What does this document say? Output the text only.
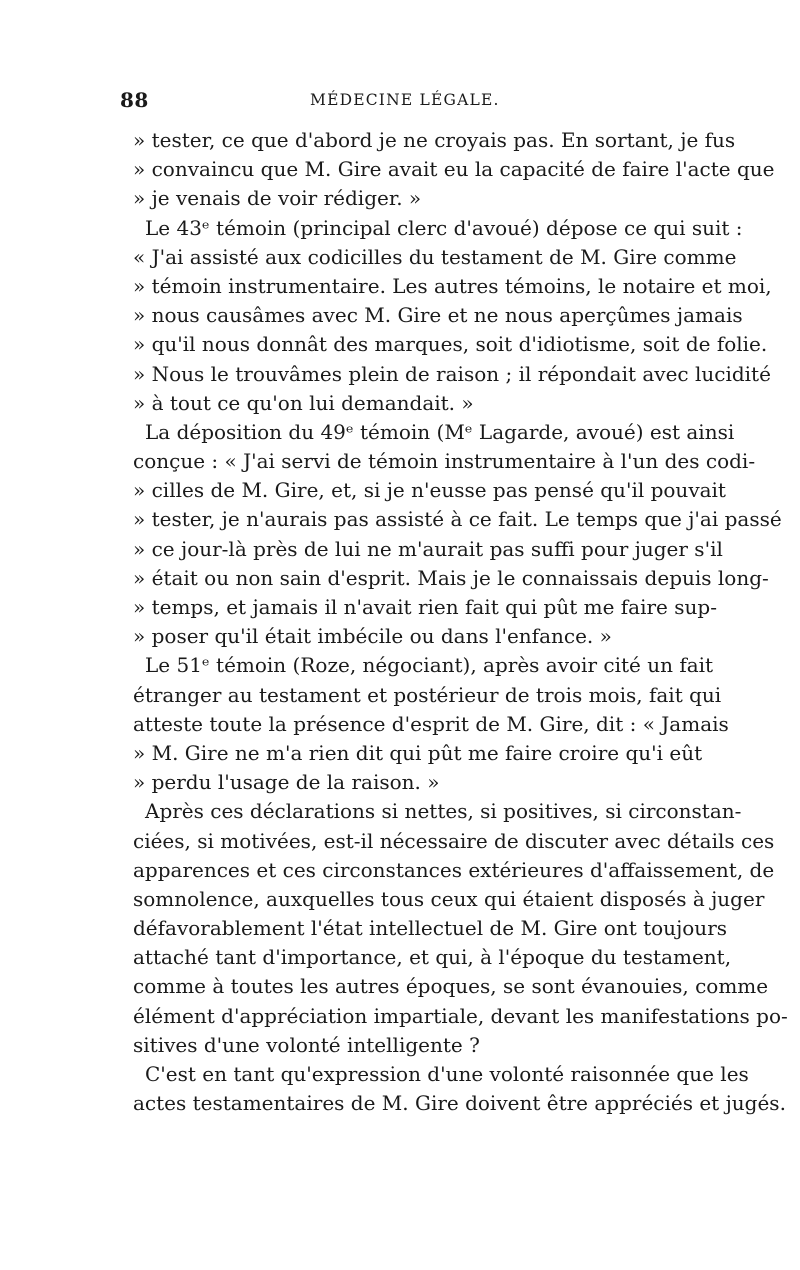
88	MÉDECINE LÉGALE.
» tester, ce que d'abord je ne croyais pas. En sortant, je fus
» convaincu que M. Gire avait eu la capacité de faire l'acte que
» je venais de voir rédiger. »
Le 43ᵉ témoin (principal clerc d'avoué) dépose ce qui suit :
« J'ai assisté aux codicilles du testament de M. Gire comme
» témoin instrumentaire. Les autres témoins, le notaire et moi,
» nous causâmes avec M. Gire et ne nous aperçûmes jamais
» qu'il nous donnât des marques, soit d'idiotisme, soit de folie.
» Nous le trouvâmes plein de raison ; il répondait avec lucidité
» à tout ce qu'on lui demandait. »
La déposition du 49ᵉ témoin (Mᵉ Lagarde, avoué) est ainsi
conçue : « J'ai servi de témoin instrumentaire à l'un des codi-
» cilles de M. Gire, et, si je n'eusse pas pensé qu'il pouvait
» tester, je n'aurais pas assisté à ce fait. Le temps que j'ai passé
» ce jour-là près de lui ne m'aurait pas suffi pour juger s'il
» était ou non sain d'esprit. Mais je le connaissais depuis long-
» temps, et jamais il n'avait rien fait qui pût me faire sup-
» poser qu'il était imbécile ou dans l'enfance. »
Le 51ᵉ témoin (Roze, négociant), après avoir cité un fait
étranger au testament et postérieur de trois mois, fait qui
atteste toute la présence d'esprit de M. Gire, dit : « Jamais
» M. Gire ne m'a rien dit qui pût me faire croire qu'i eût
» perdu l'usage de la raison. »
Après ces déclarations si nettes, si positives, si circonstan-
ciées, si motivées, est-il nécessaire de discuter avec détails ces
apparences et ces circonstances extérieures d'affaissement, de
somnolence, auxquelles tous ceux qui étaient disposés à juger
défavorablement l'état intellectuel de M. Gire ont toujours
attaché tant d'importance, et qui, à l'époque du testament,
comme à toutes les autres époques, se sont évanouies, comme
élément d'appréciation impartiale, devant les manifestations po-
sitives d'une volonté intelligente ?
C'est en tant qu'expression d'une volonté raisonnée que les
actes testamentaires de M. Gire doivent être appréciés et jugés.
